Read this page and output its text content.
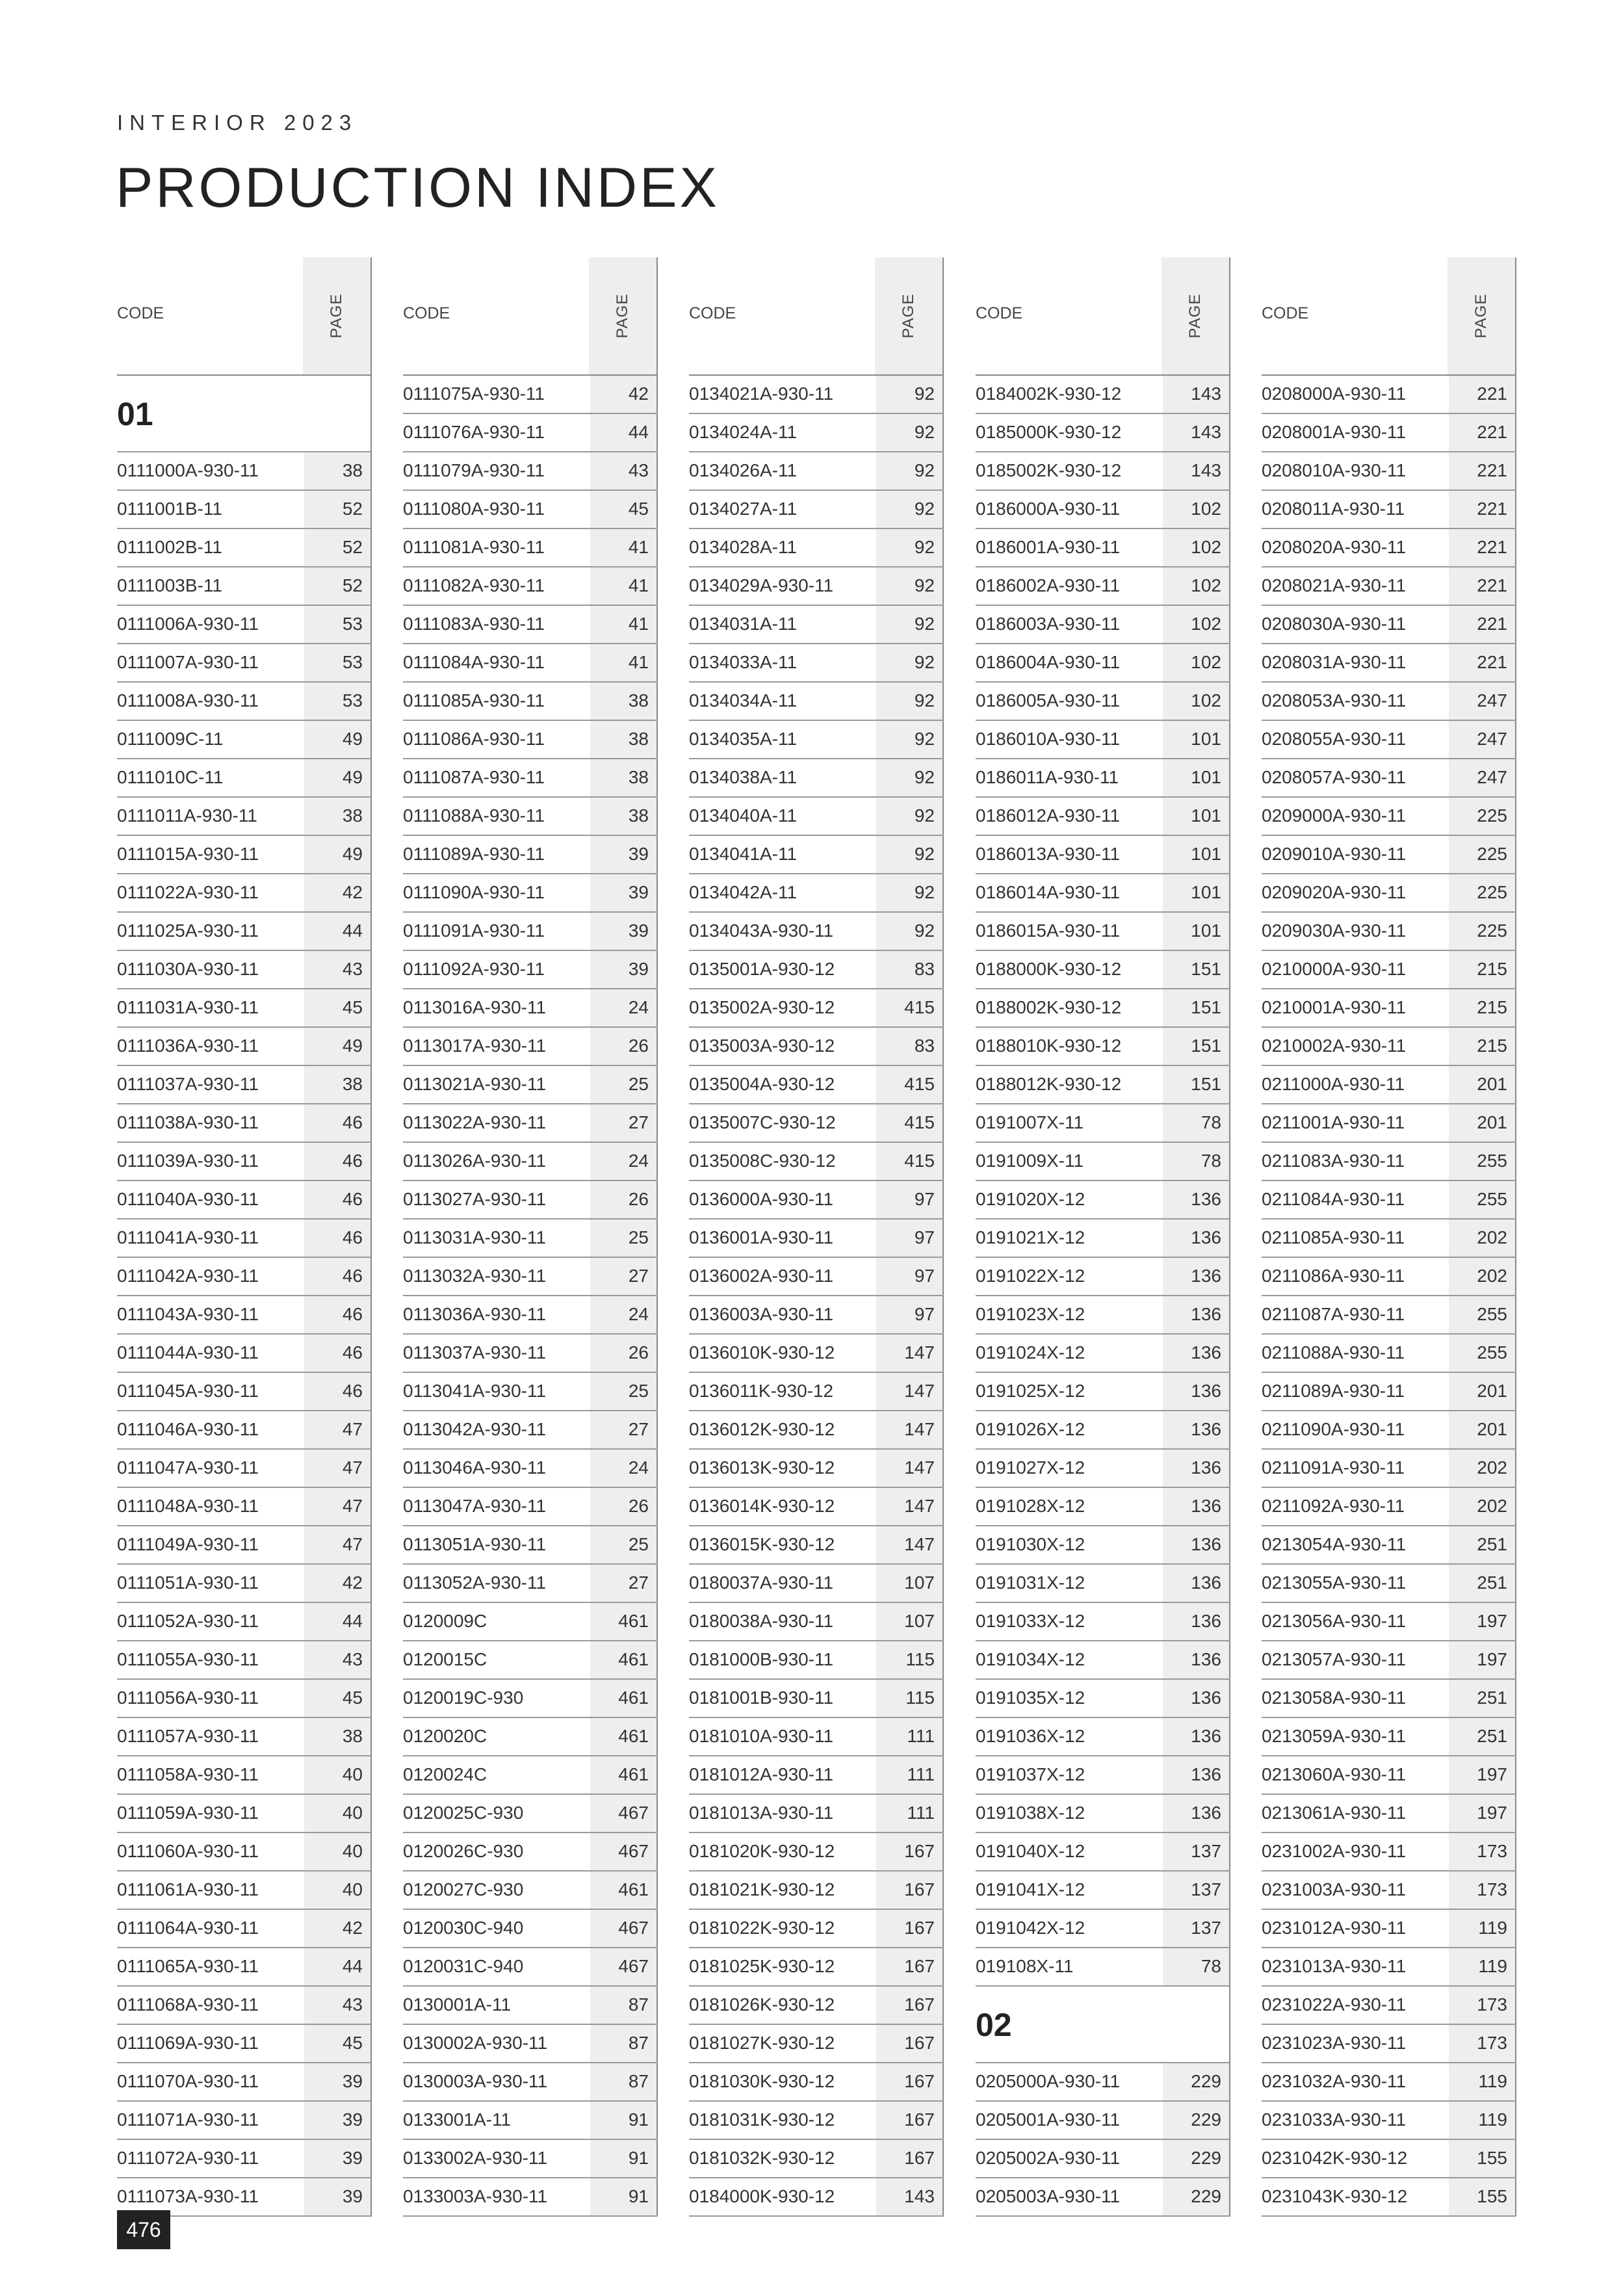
INTERIOR 2023
PRODUCTION INDEX
CODE	PAGE
01
0111000A-930-11	38
0111001B-11	52
0111002B-11	52
0111003B-11	52
0111006A-930-11	53
0111007A-930-11	53
0111008A-930-11	53
0111009C-11	49
0111010C-11	49
0111011A-930-11	38
0111015A-930-11	49
0111022A-930-11	42
0111025A-930-11	44
0111030A-930-11	43
0111031A-930-11	45
0111036A-930-11	49
0111037A-930-11	38
0111038A-930-11	46
0111039A-930-11	46
0111040A-930-11	46
0111041A-930-11	46
0111042A-930-11	46
0111043A-930-11	46
0111044A-930-11	46
0111045A-930-11	46
0111046A-930-11	47
0111047A-930-11	47
0111048A-930-11	47
0111049A-930-11	47
0111051A-930-11	42
0111052A-930-11	44
0111055A-930-11	43
0111056A-930-11	45
0111057A-930-11	38
0111058A-930-11	40
0111059A-930-11	40
0111060A-930-11	40
0111061A-930-11	40
0111064A-930-11	42
0111065A-930-11	44
0111068A-930-11	43
0111069A-930-11	45
0111070A-930-11	39
0111071A-930-11	39
0111072A-930-11	39
0111073A-930-11	39
CODE	PAGE
0111075A-930-11	42
0111076A-930-11	44
0111079A-930-11	43
0111080A-930-11	45
0111081A-930-11	41
0111082A-930-11	41
0111083A-930-11	41
0111084A-930-11	41
0111085A-930-11	38
0111086A-930-11	38
0111087A-930-11	38
0111088A-930-11	38
0111089A-930-11	39
0111090A-930-11	39
0111091A-930-11	39
0111092A-930-11	39
0113016A-930-11	24
0113017A-930-11	26
0113021A-930-11	25
0113022A-930-11	27
0113026A-930-11	24
0113027A-930-11	26
0113031A-930-11	25
0113032A-930-11	27
0113036A-930-11	24
0113037A-930-11	26
0113041A-930-11	25
0113042A-930-11	27
0113046A-930-11	24
0113047A-930-11	26
0113051A-930-11	25
0113052A-930-11	27
0120009C	461
0120015C	461
0120019C-930	461
0120020C	461
0120024C	461
0120025C-930	467
0120026C-930	467
0120027C-930	461
0120030C-940	467
0120031C-940	467
0130001A-11	87
0130002A-930-11	87
0130003A-930-11	87
0133001A-11	91
0133002A-930-11	91
0133003A-930-11	91
CODE	PAGE
0134021A-930-11	92
0134024A-11	92
0134026A-11	92
0134027A-11	92
0134028A-11	92
0134029A-930-11	92
0134031A-11	92
0134033A-11	92
0134034A-11	92
0134035A-11	92
0134038A-11	92
0134040A-11	92
0134041A-11	92
0134042A-11	92
0134043A-930-11	92
0135001A-930-12	83
0135002A-930-12	415
0135003A-930-12	83
0135004A-930-12	415
0135007C-930-12	415
0135008C-930-12	415
0136000A-930-11	97
0136001A-930-11	97
0136002A-930-11	97
0136003A-930-11	97
0136010K-930-12	147
0136011K-930-12	147
0136012K-930-12	147
0136013K-930-12	147
0136014K-930-12	147
0136015K-930-12	147
0180037A-930-11	107
0180038A-930-11	107
0181000B-930-11	115
0181001B-930-11	115
0181010A-930-11	111
0181012A-930-11	111
0181013A-930-11	111
0181020K-930-12	167
0181021K-930-12	167
0181022K-930-12	167
0181025K-930-12	167
0181026K-930-12	167
0181027K-930-12	167
0181030K-930-12	167
0181031K-930-12	167
0181032K-930-12	167
0184000K-930-12	143
CODE	PAGE
0184002K-930-12	143
0185000K-930-12	143
0185002K-930-12	143
0186000A-930-11	102
0186001A-930-11	102
0186002A-930-11	102
0186003A-930-11	102
0186004A-930-11	102
0186005A-930-11	102
0186010A-930-11	101
0186011A-930-11	101
0186012A-930-11	101
0186013A-930-11	101
0186014A-930-11	101
0186015A-930-11	101
0188000K-930-12	151
0188002K-930-12	151
0188010K-930-12	151
0188012K-930-12	151
0191007X-11	78
0191009X-11	78
0191020X-12	136
0191021X-12	136
0191022X-12	136
0191023X-12	136
0191024X-12	136
0191025X-12	136
0191026X-12	136
0191027X-12	136
0191028X-12	136
0191030X-12	136
0191031X-12	136
0191033X-12	136
0191034X-12	136
0191035X-12	136
0191036X-12	136
0191037X-12	136
0191038X-12	136
0191040X-12	137
0191041X-12	137
0191042X-12	137
019108X-11	78
02
0205000A-930-11	229
0205001A-930-11	229
0205002A-930-11	229
0205003A-930-11	229
CODE	PAGE
0208000A-930-11	221
0208001A-930-11	221
0208010A-930-11	221
0208011A-930-11	221
0208020A-930-11	221
0208021A-930-11	221
0208030A-930-11	221
0208031A-930-11	221
0208053A-930-11	247
0208055A-930-11	247
0208057A-930-11	247
0209000A-930-11	225
0209010A-930-11	225
0209020A-930-11	225
0209030A-930-11	225
0210000A-930-11	215
0210001A-930-11	215
0210002A-930-11	215
0211000A-930-11	201
0211001A-930-11	201
0211083A-930-11	255
0211084A-930-11	255
0211085A-930-11	202
0211086A-930-11	202
0211087A-930-11	255
0211088A-930-11	255
0211089A-930-11	201
0211090A-930-11	201
0211091A-930-11	202
0211092A-930-11	202
0213054A-930-11	251
0213055A-930-11	251
0213056A-930-11	197
0213057A-930-11	197
0213058A-930-11	251
0213059A-930-11	251
0213060A-930-11	197
0213061A-930-11	197
0231002A-930-11	173
0231003A-930-11	173
0231012A-930-11	119
0231013A-930-11	119
0231022A-930-11	173
0231023A-930-11	173
0231032A-930-11	119
0231033A-930-11	119
0231042K-930-12	155
0231043K-930-12	155
476
